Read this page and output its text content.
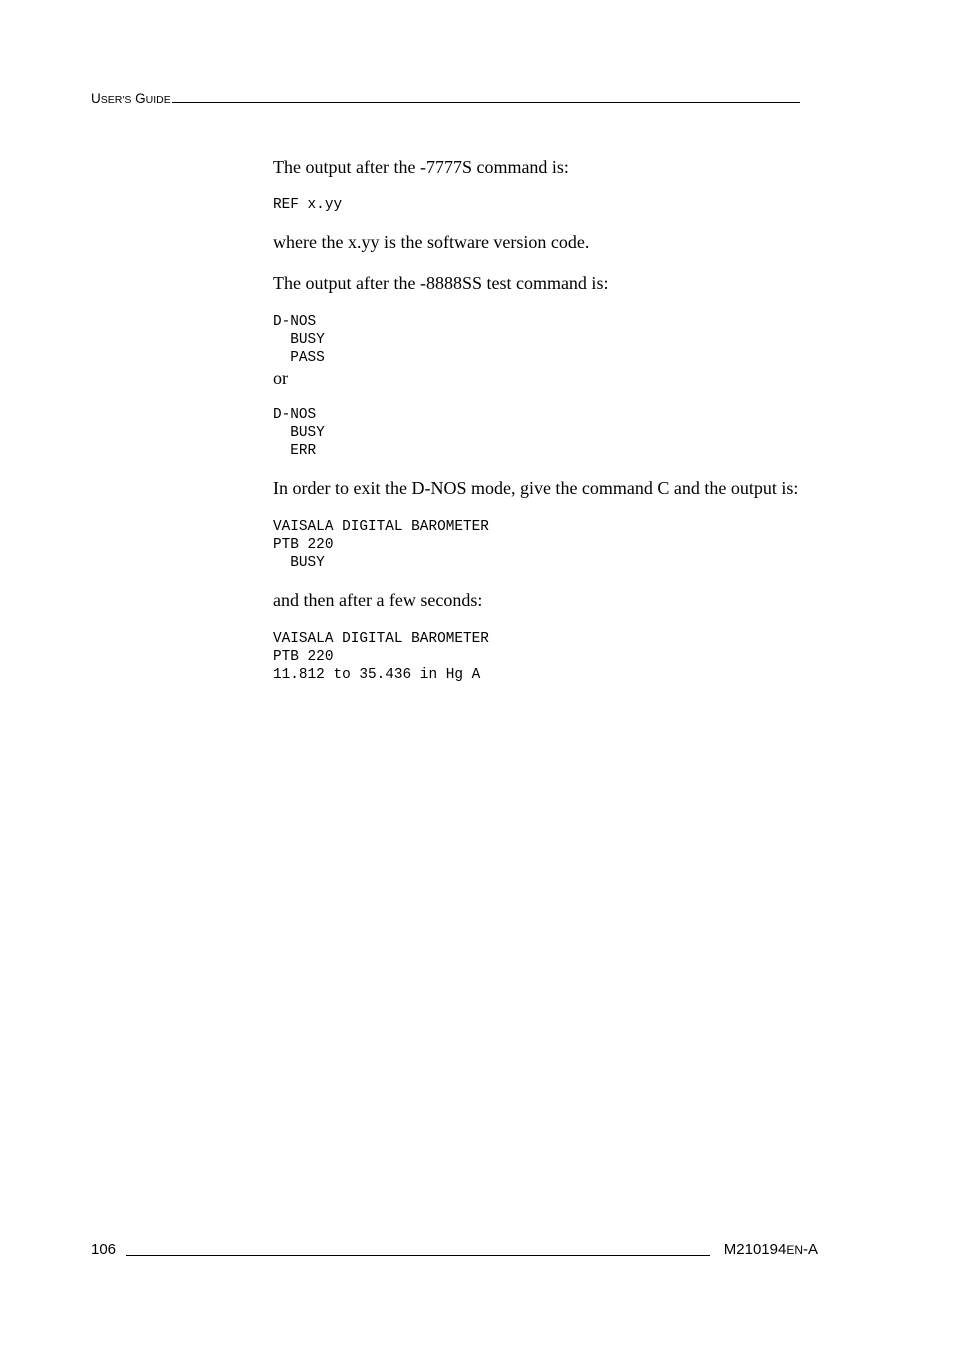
USER'S GUIDE

The output after the -7777S command is:

REF x.yy

where the x.yy is the software version code.

The output after the -8888SS test command is:

D-NOS
BUSY
PASS

or

D-NOS
BUSY
ERR

In order to exit the D-NOS mode, give the command C and the output is:

VAISALA DIGITAL BAROMETER
PTB 220
BUSY

and then after a few seconds:

VAISALA DIGITAL BAROMETER
PTB 220
11.812 to 35.436 in Hg A
106	M210194EN-A
